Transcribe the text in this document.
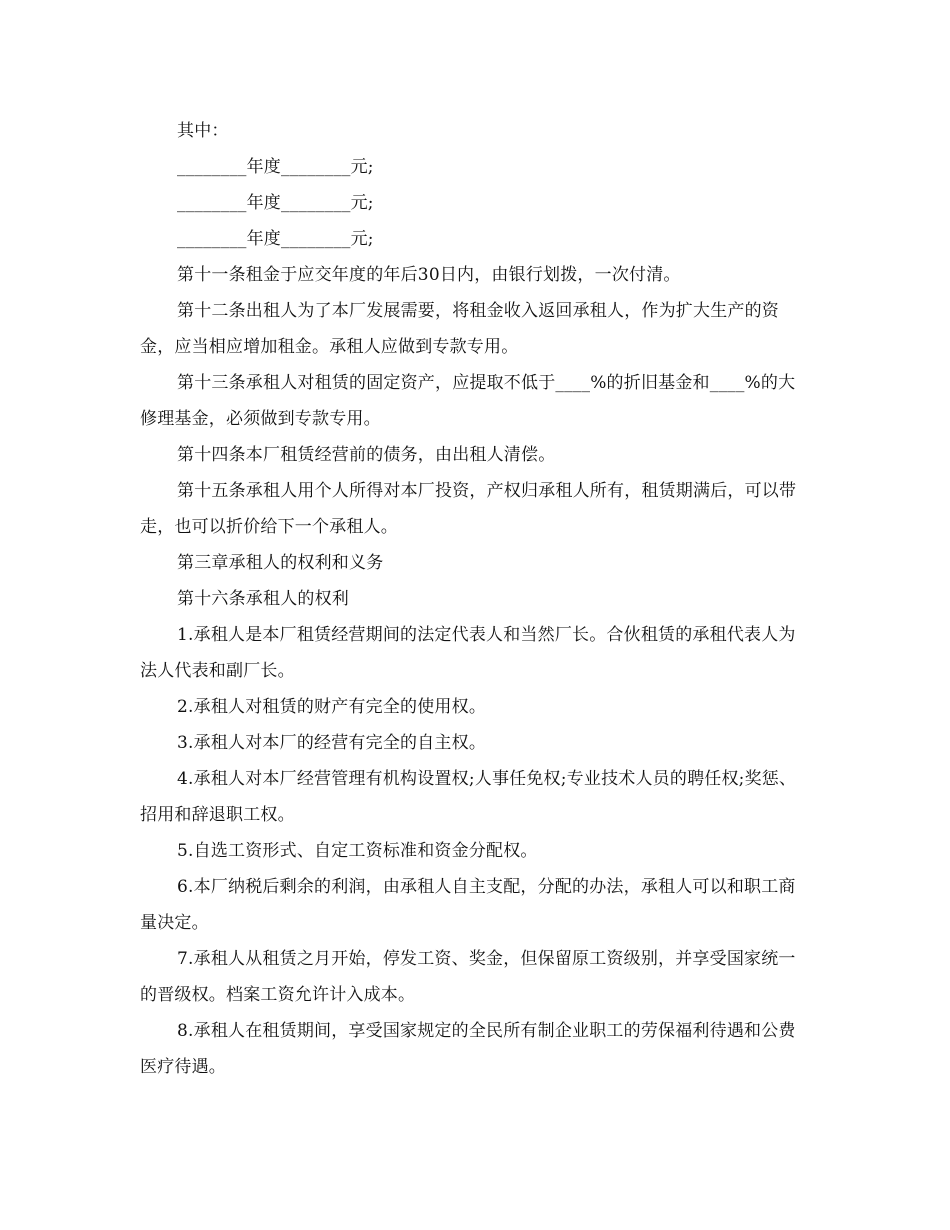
其中：

________年度________元;

________年度________元;

________年度________元;

第十一条租金于应交年度的年后30日内，由银行划拨，一次付清。

第十二条出租人为了本厂发展需要，将租金收入返回承租人，作为扩大生产的资金，应当相应增加租金。承租人应做到专款专用。

第十三条承租人对租赁的固定资产，应提取不低于____%的折旧基金和____%的大修理基金，必须做到专款专用。

第十四条本厂租赁经营前的债务，由出租人清偿。

第十五条承租人用个人所得对本厂投资，产权归承租人所有，租赁期满后，可以带走，也可以折价给下一个承租人。

第三章承租人的权利和义务

第十六条承租人的权利

1.承租人是本厂租赁经营期间的法定代表人和当然厂长。合伙租赁的承租代表人为法人代表和副厂长。

2.承租人对租赁的财产有完全的使用权。

3.承租人对本厂的经营有完全的自主权。

4.承租人对本厂经营管理有机构设置权;人事任免权;专业技术人员的聘任权;奖惩、招用和辞退职工权。

5.自选工资形式、自定工资标准和资金分配权。

6.本厂纳税后剩余的利润，由承租人自主支配，分配的办法，承租人可以和职工商量决定。

7.承租人从租赁之月开始，停发工资、奖金，但保留原工资级别，并享受国家统一的晋级权。档案工资允许计入成本。

8.承租人在租赁期间，享受国家规定的全民所有制企业职工的劳保福利待遇和公费医疗待遇。
